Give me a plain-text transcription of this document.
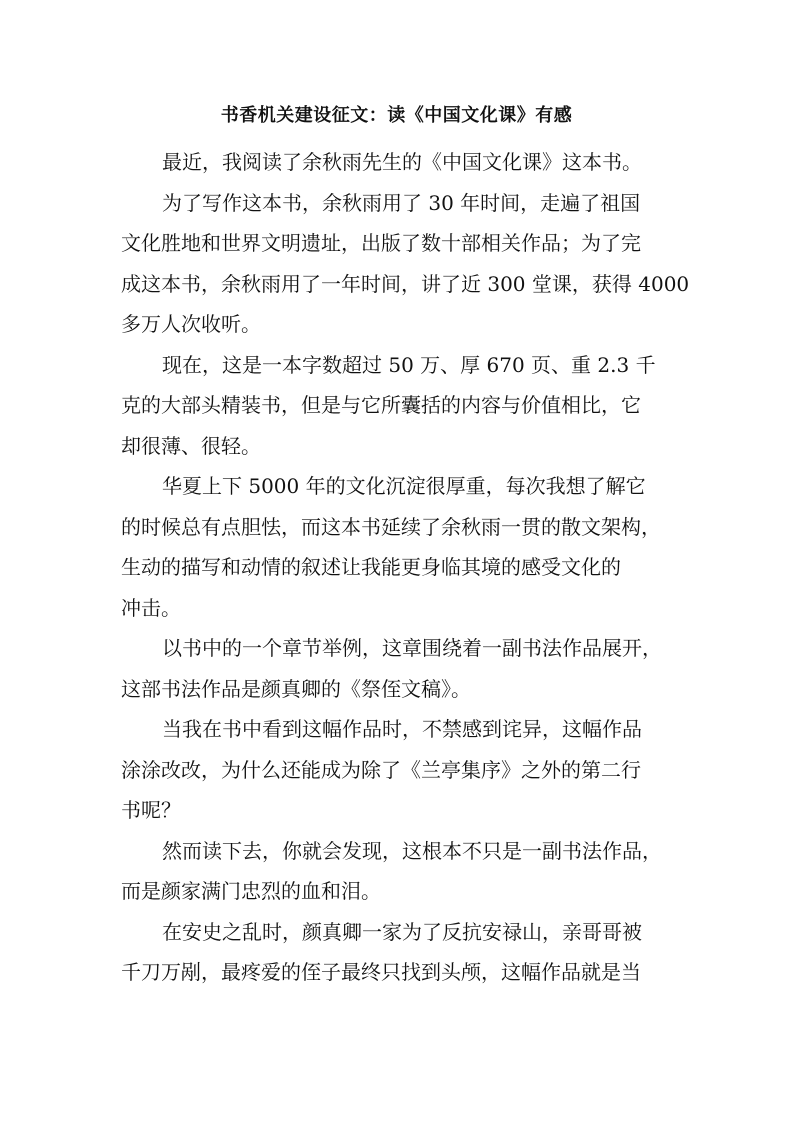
书香机关建设征文：读《中国文化课》有感

最近，我阅读了余秋雨先生的《中国文化课》这本书。

为了写作这本书，余秋雨用了 30 年时间，走遍了祖国
文化胜地和世界文明遗址，出版了数十部相关作品；为了完
成这本书，余秋雨用了一年时间，讲了近 300 堂课，获得 4000
多万人次收听。

现在，这是一本字数超过 50 万、厚 670 页、重 2.3 千
克的大部头精装书，但是与它所囊括的内容与价值相比，它
却很薄、很轻。

华夏上下 5000 年的文化沉淀很厚重，每次我想了解它
的时候总有点胆怯，而这本书延续了余秋雨一贯的散文架构，
生动的描写和动情的叙述让我能更身临其境的感受文化的
冲击。

以书中的一个章节举例，这章围绕着一副书法作品展开，
这部书法作品是颜真卿的《祭侄文稿》。

当我在书中看到这幅作品时，不禁感到诧异，这幅作品
涂涂改改，为什么还能成为除了《兰亭集序》之外的第二行
书呢？

然而读下去，你就会发现，这根本不只是一副书法作品，
而是颜家满门忠烈的血和泪。

在安史之乱时，颜真卿一家为了反抗安禄山，亲哥哥被
千刀万剐，最疼爱的侄子最终只找到头颅，这幅作品就是当
